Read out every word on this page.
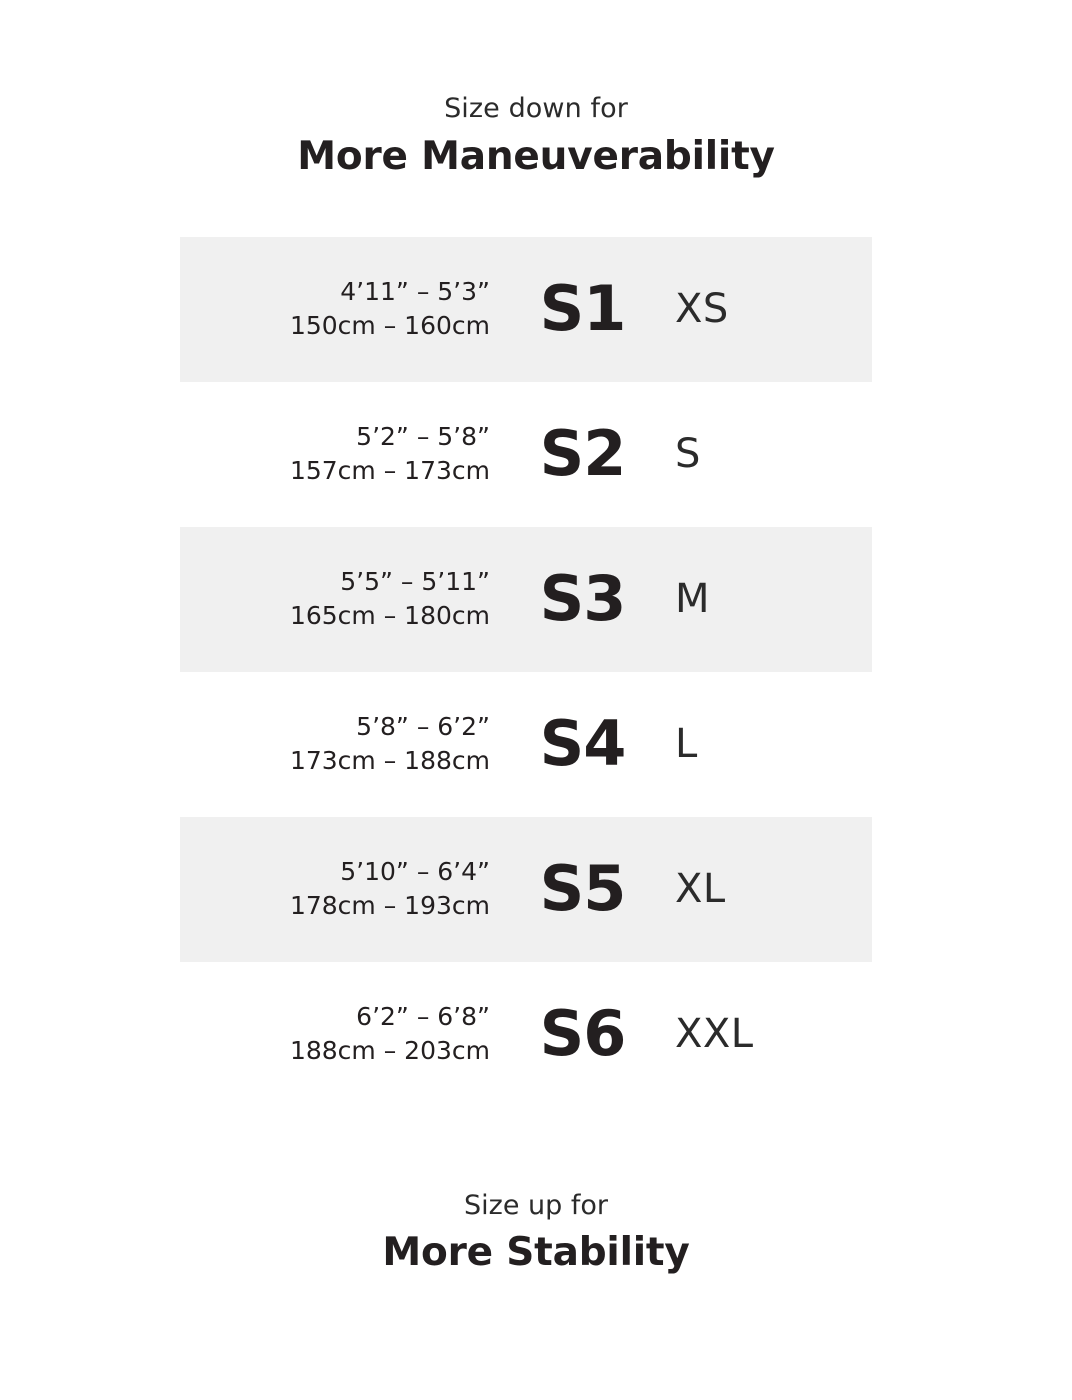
Size down for
More Maneuverability
4’11” – 5’3”
150cm – 160cm S1	XS
5’2” – 5’8”
157cm – 173cm S2	S
5’5” – 5’11”
165cm – 180cm S3	M
5’8” – 6’2”
173cm – 188cm S4	L
5’10” – 6’4”
178cm – 193cm S5	XL
6’2” – 6’8”
188cm – 203cm S6	XXL
Size up for
More Stability
